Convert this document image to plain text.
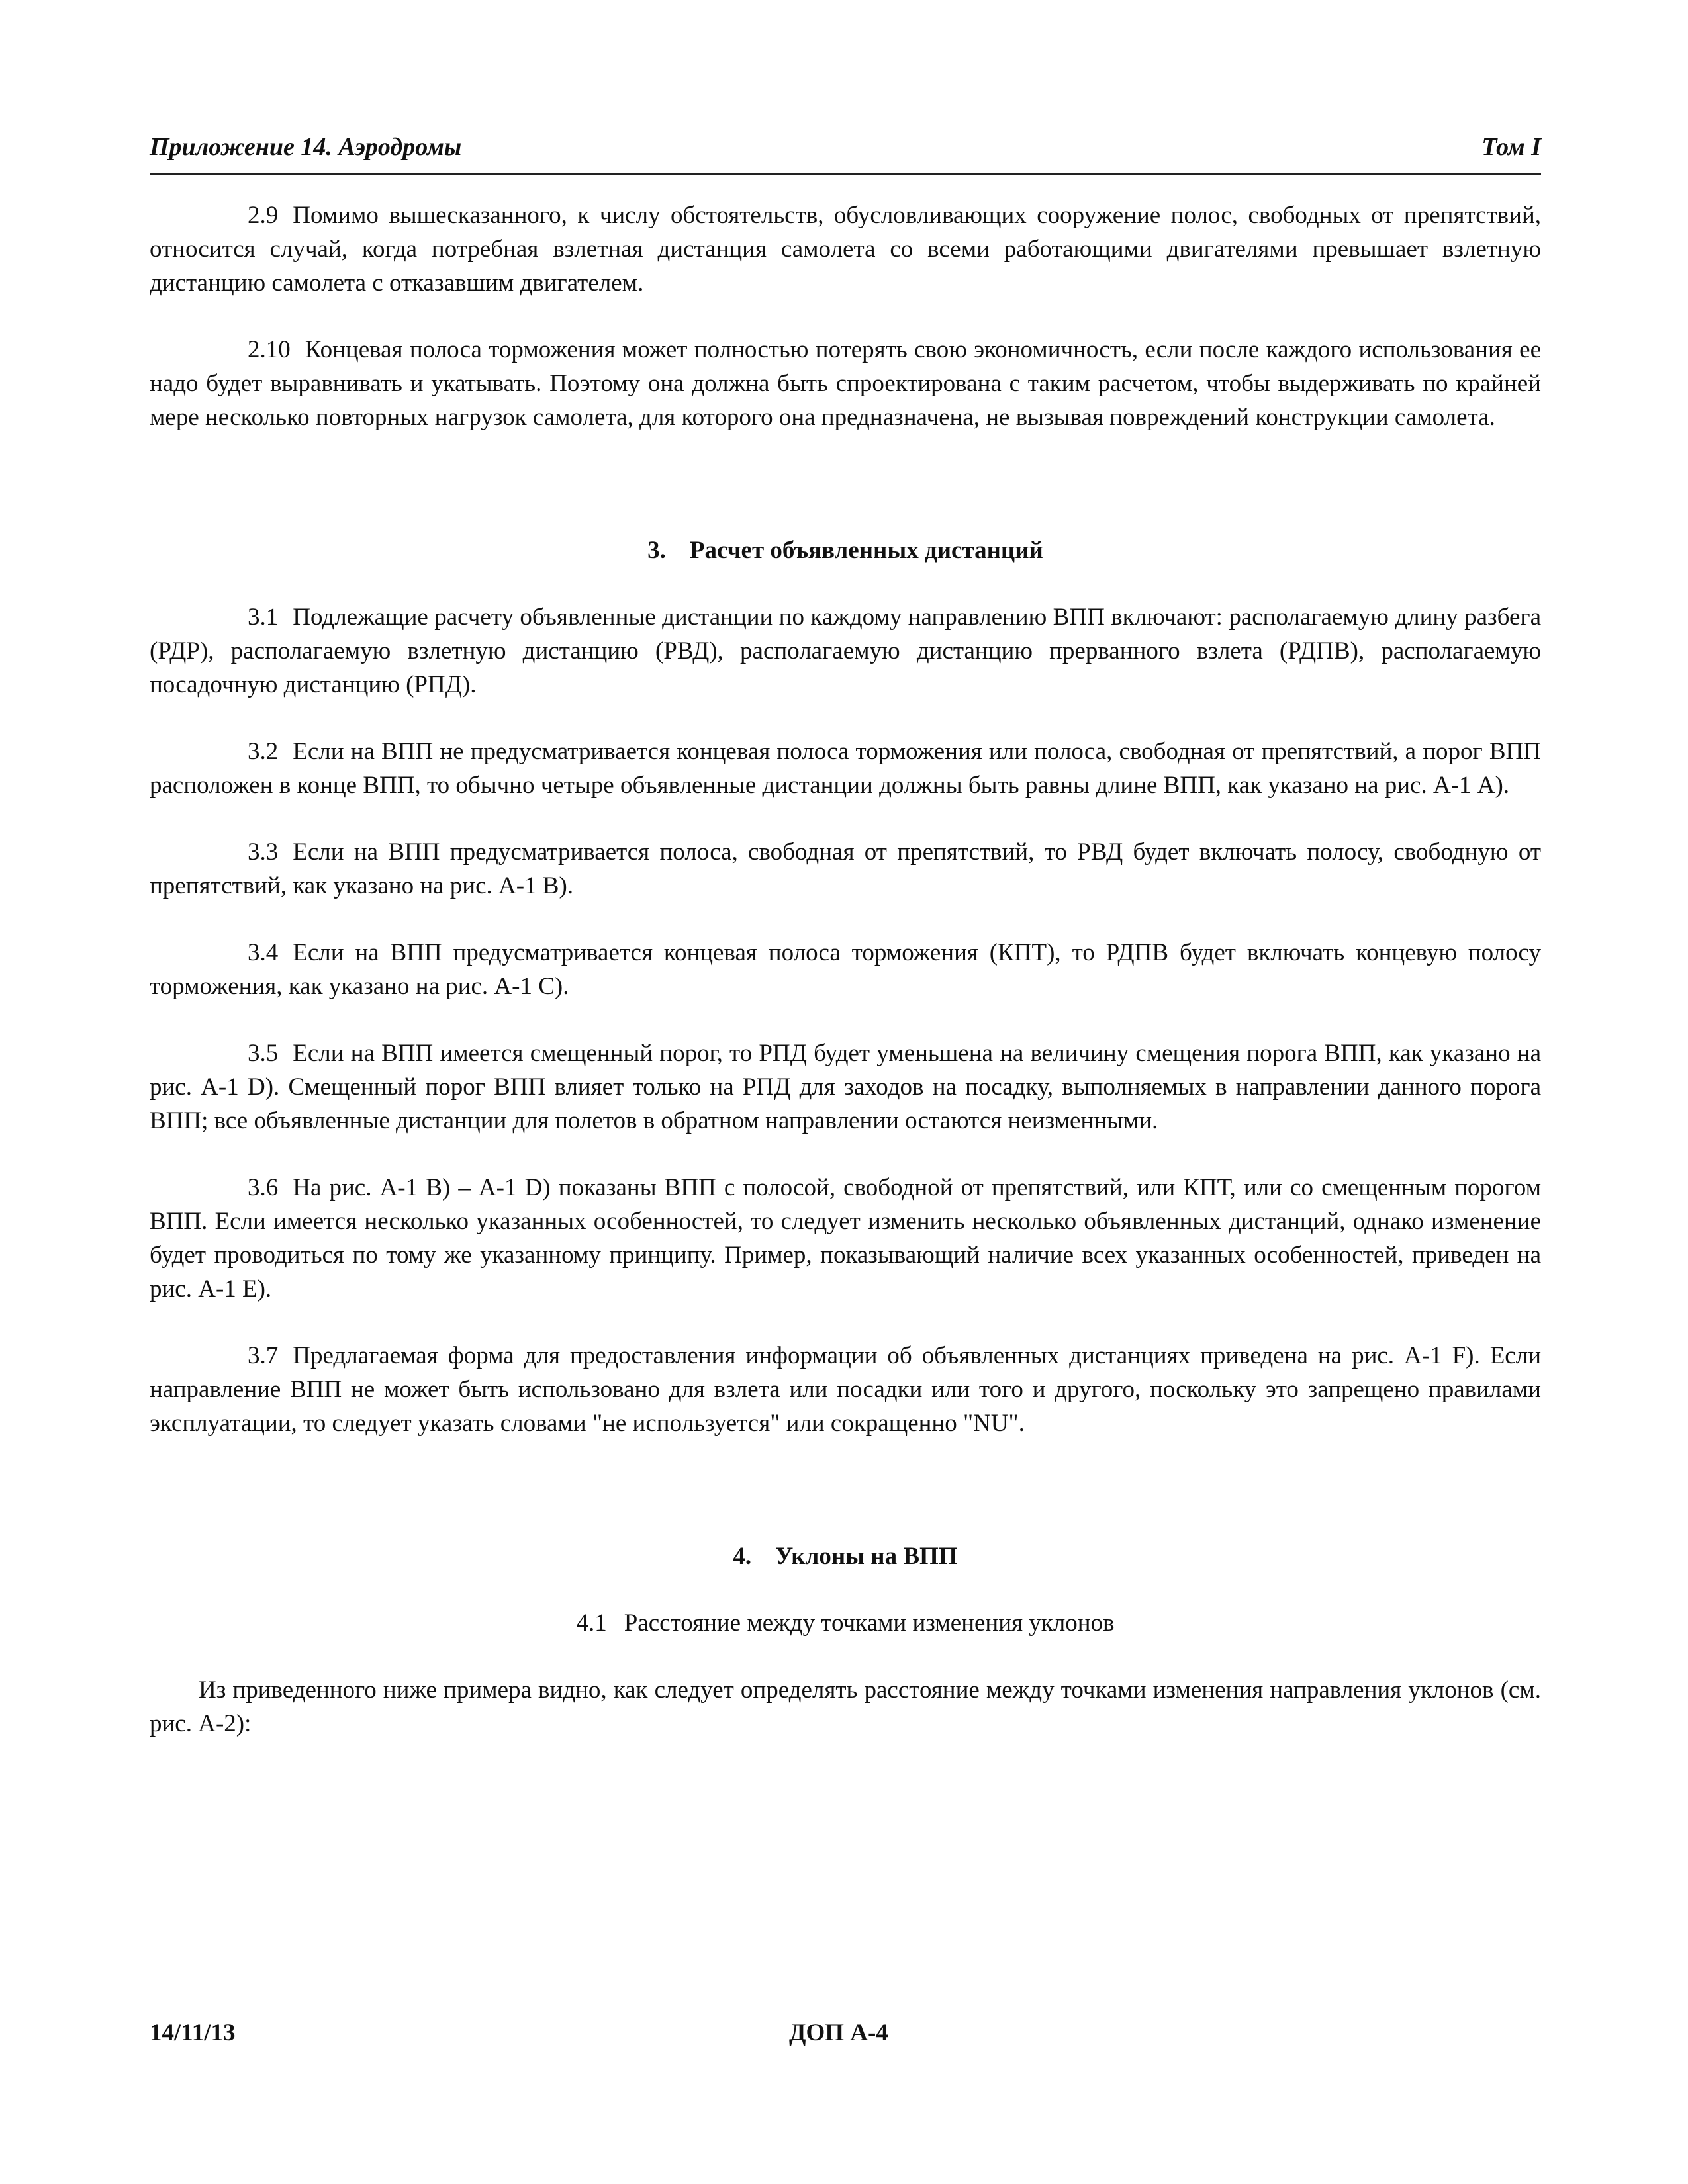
Приложение 14. Аэродромы	Том I

2.9 Помимо вышесказанного, к числу обстоятельств, обусловливающих сооружение полос, свободных от препятствий, относится случай, когда потребная взлетная дистанция самолета со всеми работающими двигателями превышает взлетную дистанцию самолета с отказавшим двигателем.

2.10 Концевая полоса торможения может полностью потерять свою экономичность, если после каждого использования ее надо будет выравнивать и укатывать. Поэтому она должна быть спроектирована с таким расчетом, чтобы выдерживать по крайней мере несколько повторных нагрузок самолета, для которого она предназначена, не вызывая повреждений конструкции самолета.

3. Расчет объявленных дистанций

3.1 Подлежащие расчету объявленные дистанции по каждому направлению ВПП включают: располагаемую длину разбега (РДР), располагаемую взлетную дистанцию (РВД), располагаемую дистанцию прерванного взлета (РДПВ), располагаемую посадочную дистанцию (РПД).

3.2 Если на ВПП не предусматривается концевая полоса торможения или полоса, свободная от препятствий, а порог ВПП расположен в конце ВПП, то обычно четыре объявленные дистанции должны быть равны длине ВПП, как указано на рис. А-1 А).

3.3 Если на ВПП предусматривается полоса, свободная от препятствий, то РВД будет включать полосу, свободную от препятствий, как указано на рис. А-1 В).

3.4 Если на ВПП предусматривается концевая полоса торможения (КПТ), то РДПВ будет включать концевую полосу торможения, как указано на рис. А-1 С).

3.5 Если на ВПП имеется смещенный порог, то РПД будет уменьшена на величину смещения порога ВПП, как указано на рис. А-1 D). Смещенный порог ВПП влияет только на РПД для заходов на посадку, выполняемых в направлении данного порога ВПП; все объявленные дистанции для полетов в обратном направлении остаются неизменными.

3.6 На рис. А-1 В) – А-1 D) показаны ВПП с полосой, свободной от препятствий, или КПТ, или со смещенным порогом ВПП. Если имеется несколько указанных особенностей, то следует изменить несколько объявленных дистанций, однако изменение будет проводиться по тому же указанному принципу. Пример, показывающий наличие всех указанных особенностей, приведен на рис. А-1 Е).

3.7 Предлагаемая форма для предоставления информации об объявленных дистанциях приведена на рис. А-1 F). Если направление ВПП не может быть использовано для взлета или посадки или того и другого, поскольку это запрещено правилами эксплуатации, то следует указать словами "не используется" или сокращенно "NU".

4. Уклоны на ВПП
4.1 Расстояние между точками изменения уклонов

Из приведенного ниже примера видно, как следует определять расстояние между точками изменения направления уклонов (см. рис. А-2):

14/11/13	ДОП А-4
